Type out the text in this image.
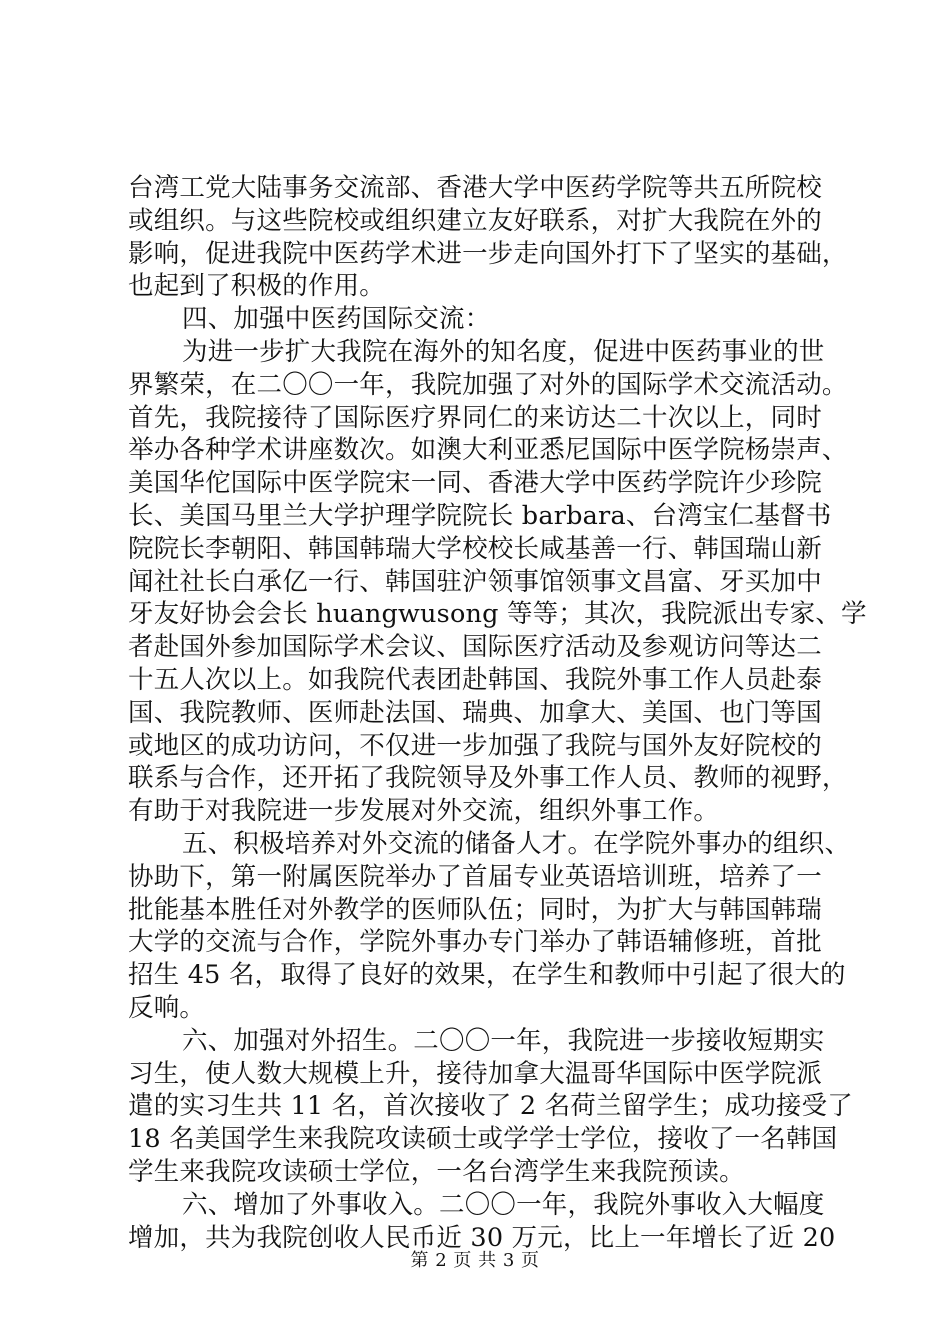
台湾工党大陆事务交流部、香港大学中医药学院等共五所院校
或组织。与这些院校或组织建立友好联系，对扩大我院在外的
影响，促进我院中医药学术进一步走向国外打下了坚实的基础，
也起到了积极的作用。
四、加强中医药国际交流：
为进一步扩大我院在海外的知名度，促进中医药事业的世
界繁荣，在二〇〇一年，我院加强了对外的国际学术交流活动。
首先，我院接待了国际医疗界同仁的来访达二十次以上，同时
举办各种学术讲座数次。如澳大利亚悉尼国际中医学院杨崇声、
美国华佗国际中医学院宋一同、香港大学中医药学院许少珍院
长、美国马里兰大学护理学院院长 barbara、台湾宝仁基督书
院院长李朝阳、韩国韩瑞大学校校长咸基善一行、韩国瑞山新
闻社社长白承亿一行、韩国驻沪领事馆领事文昌富、牙买加中
牙友好协会会长 huangwusong 等等；其次，我院派出专家、学
者赴国外参加国际学术会议、国际医疗活动及参观访问等达二
十五人次以上。如我院代表团赴韩国、我院外事工作人员赴泰
国、我院教师、医师赴法国、瑞典、加拿大、美国、也门等国
或地区的成功访问，不仅进一步加强了我院与国外友好院校的
联系与合作，还开拓了我院领导及外事工作人员、教师的视野，
有助于对我院进一步发展对外交流，组织外事工作。
五、积极培养对外交流的储备人才。在学院外事办的组织、
协助下，第一附属医院举办了首届专业英语培训班，培养了一
批能基本胜任对外教学的医师队伍；同时，为扩大与韩国韩瑞
大学的交流与合作，学院外事办专门举办了韩语辅修班，首批
招生 45 名，取得了良好的效果，在学生和教师中引起了很大的
反响。
六、加强对外招生。二〇〇一年，我院进一步接收短期实
习生，使人数大规模上升，接待加拿大温哥华国际中医学院派
遣的实习生共 11 名，首次接收了 2 名荷兰留学生；成功接受了
18 名美国学生来我院攻读硕士或学学士学位，接收了一名韩国
学生来我院攻读硕士学位，一名台湾学生来我院预读。
六、增加了外事收入。二〇〇一年，我院外事收入大幅度
增加，共为我院创收人民币近 30 万元，比上一年增长了近 20
第 2 页 共 3 页
